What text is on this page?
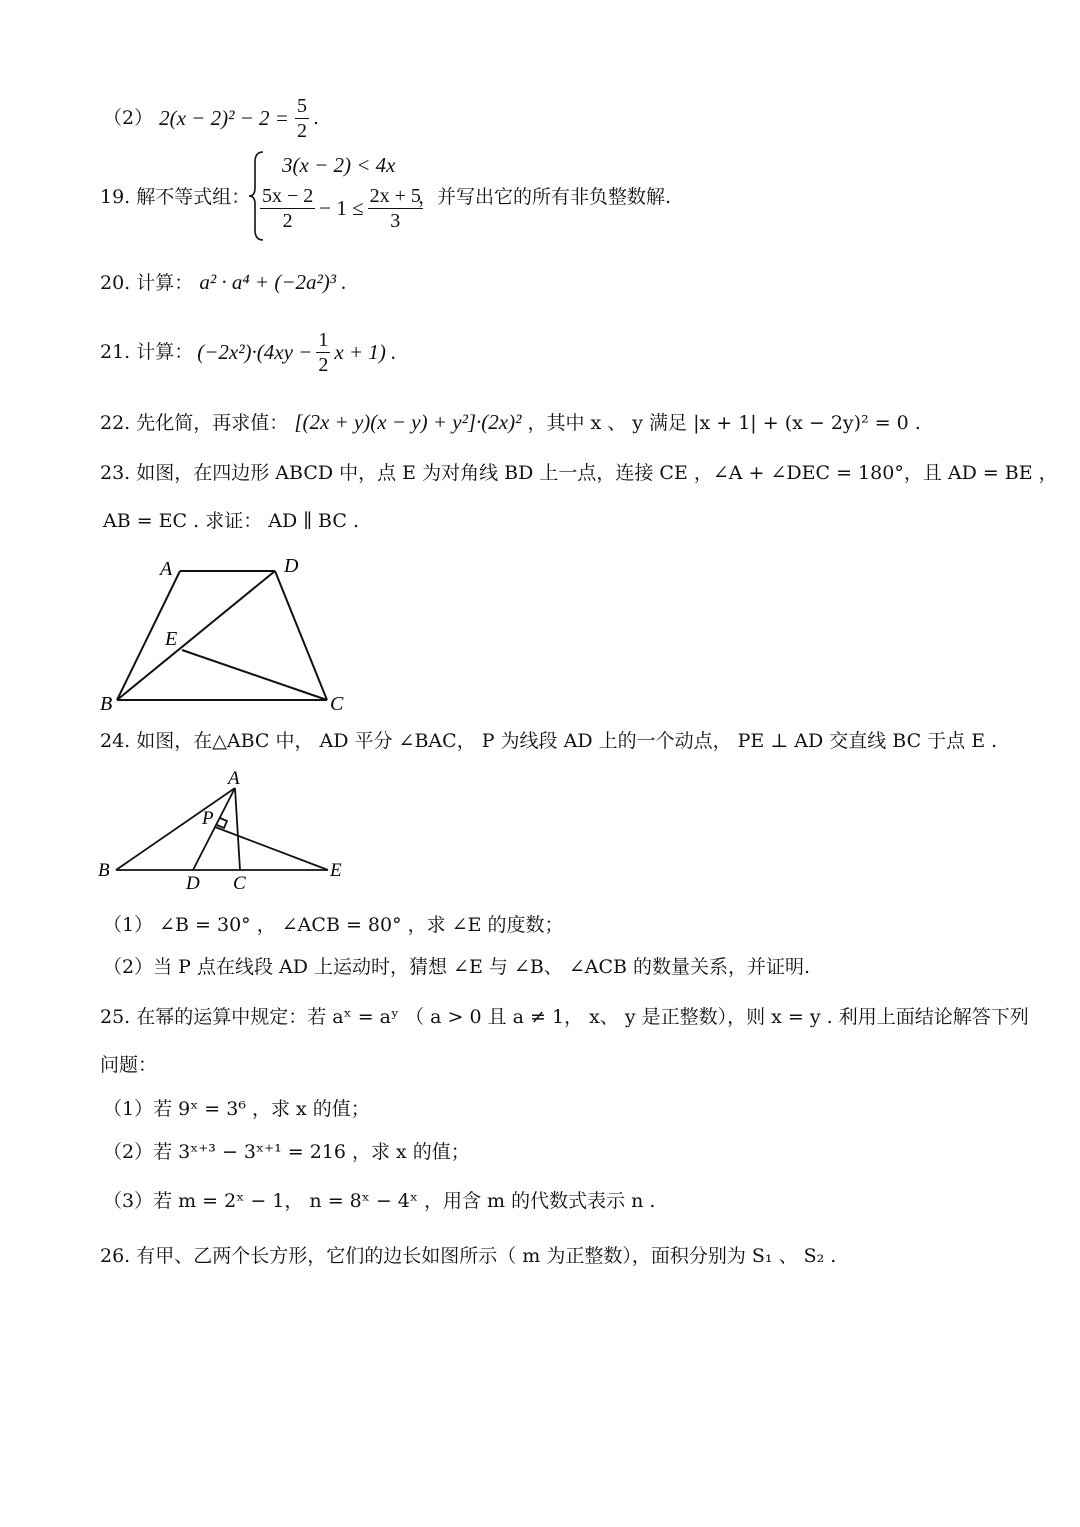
（2） $2(x - 2)^2 - 2 = \frac{5}{2}$ .
19. 解不等式组：
3(x − 2) < 4x
$\frac{5x - 2}{2} - 1 \le \frac{2x + 5}{3}$
，并写出它的所有非负整数解.
20. 计算： a² · a⁴ + (−2a²)³ .
21. 计算： $(-2x^2)\cdot(4xy - \frac{1}{2}$ x + 1) .
22. 先化简，再求值： [(2x + y)(x − y) + y²]·(2x)² ，其中 x 、 y 满足 |x + 1| + (x − 2y)² = 0 .
23. 如图，在四边形 ABCD 中，点 E 为对角线 BD 上一点，连接 CE ，∠A + ∠DEC = 180°，且 AD = BE ，
AB = EC . 求证： AD ∥ BC .
A	D
E
B	C
24. 如图，在△ABC 中， AD 平分 ∠BAC， P 为线段 AD 上的一个动点， PE ⊥ AD 交直线 BC 于点 E .
A
P
B
D C
E
（1） ∠B = 30° ， ∠ACB = 80° ，求 ∠E 的度数；
（2）当 P 点在线段 AD 上运动时，猜想 ∠E 与 ∠B、 ∠ACB 的数量关系，并证明.
25. 在幂的运算中规定：若 aˣ = aʸ （ a > 0 且 a ≠ 1， x、 y 是正整数），则 x = y . 利用上面结论解答下列
问题：
（1）若 9ˣ = 3⁶ ，求 x 的值；
（2）若 3ˣ⁺³ − 3ˣ⁺¹ = 216 ，求 x 的值；
（3）若 m = 2ˣ − 1， n = 8ˣ − 4ˣ ，用含 m 的代数式表示 n .
26. 有甲、乙两个长方形，它们的边长如图所示（ m 为正整数），面积分别为 S₁ 、 S₂ .
